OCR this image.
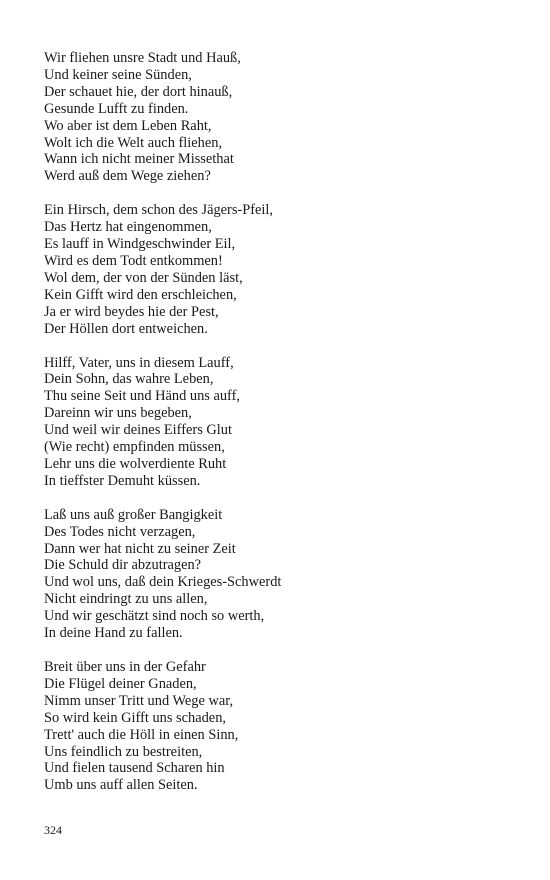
Wir fliehen unsre Stadt und Hauß,
Und keiner seine Sünden,
Der schauet hie, der dort hinauß,
Gesunde Lufft zu finden.
Wo aber ist dem Leben Raht,
Wolt ich die Welt auch fliehen,
Wann ich nicht meiner Missethat
Werd auß dem Wege ziehen?
Ein Hirsch, dem schon des Jägers-Pfeil,
Das Hertz hat eingenommen,
Es lauff in Windgeschwinder Eil,
Wird es dem Todt entkommen!
Wol dem, der von der Sünden läst,
Kein Gifft wird den erschleichen,
Ja er wird beydes hie der Pest,
Der Höllen dort entweichen.
Hilff, Vater, uns in diesem Lauff,
Dein Sohn, das wahre Leben,
Thu seine Seit und Händ uns auff,
Dareinn wir uns begeben,
Und weil wir deines Eiffers Glut
(Wie recht) empfinden müssen,
Lehr uns die wolverdiente Ruht
In tieffster Demuht küssen.
Laß uns auß großer Bangigkeit
Des Todes nicht verzagen,
Dann wer hat nicht zu seiner Zeit
Die Schuld dir abzutragen?
Und wol uns, daß dein Krieges-Schwerdt
Nicht eindringt zu uns allen,
Und wir geschätzt sind noch so werth,
In deine Hand zu fallen.
Breit über uns in der Gefahr
Die Flügel deiner Gnaden,
Nimm unser Tritt und Wege war,
So wird kein Gifft uns schaden,
Trett' auch die Höll in einen Sinn,
Uns feindlich zu bestreiten,
Und fielen tausend Scharen hin
Umb uns auff allen Seiten.
324
